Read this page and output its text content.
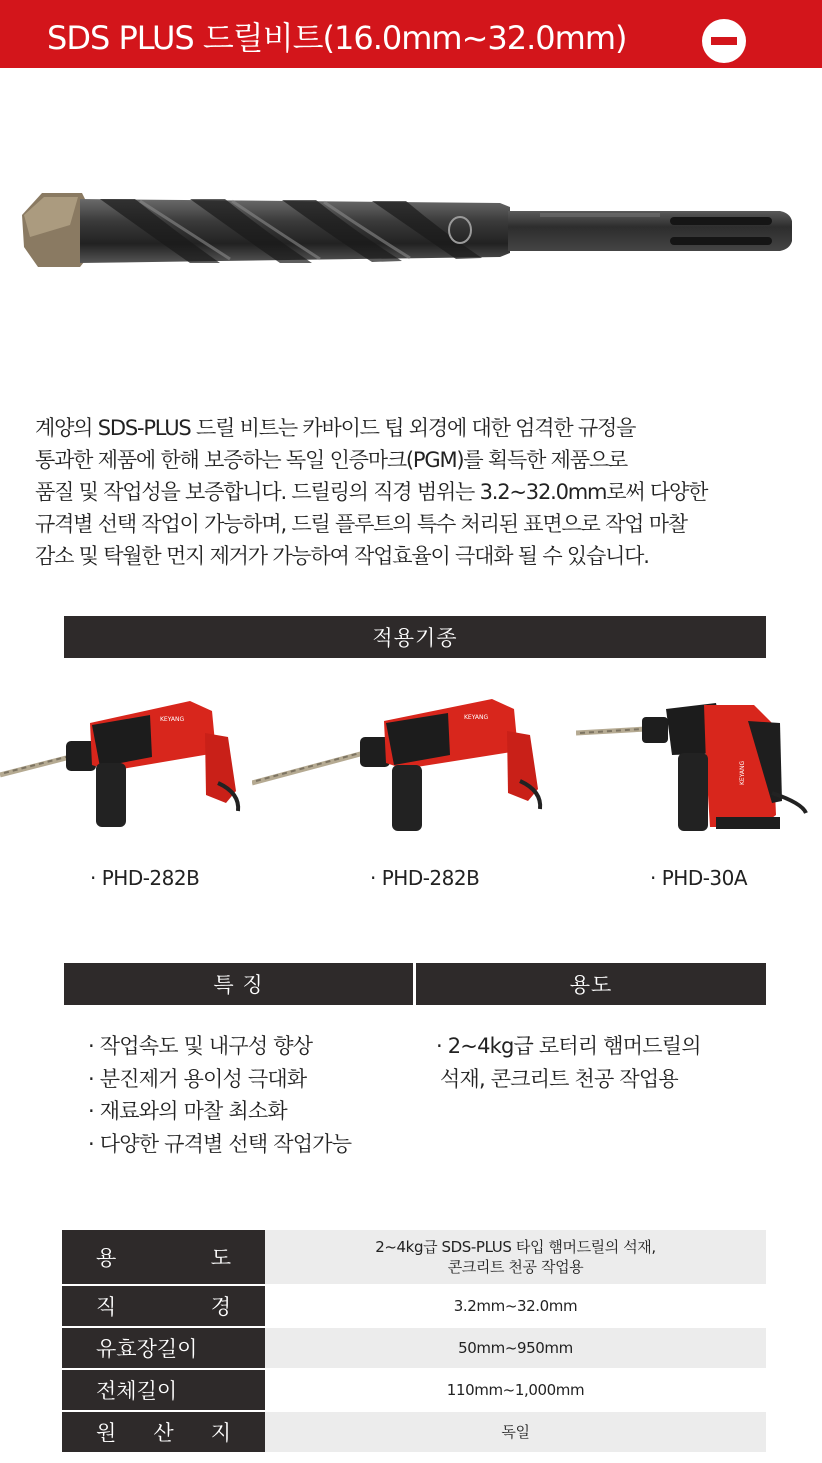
SDS PLUS 드릴비트(16.0mm~32.0mm)
계양의 SDS-PLUS 드릴 비트는 카바이드 팁 외경에 대한 엄격한 규정을
통과한 제품에 한해 보증하는 독일 인증마크(PGM)를 획득한 제품으로
품질 및 작업성을 보증합니다. 드릴링의 직경 범위는 3.2~32.0mm로써 다양한
규격별 선택 작업이 가능하며, 드릴 플루트의 특수 처리된 표면으로 작업 마찰
감소 및 탁월한 먼지 제거가 가능하여 작업효율이 극대화 될 수 있습니다.
적용기종
KEYANG	KEYANG
KEYANG
· PHD-282B	· PHD-282B	· PHD-30A
특 징	용도
· 작업속도 및 내구성 향상
· 분진제거 용이성 극대화
· 재료와의 마찰 최소화
· 다양한 규격별 선택 작업가능
· 2~4kg급 로터리 햄머드릴의
석재, 콘크리트 천공 작업용
용 도	2~4kg급 SDS-PLUS 타입 햄머드릴의 석재,
콘크리트 천공 작업용
직 경	3.2mm~32.0mm
유효장길이	50mm~950mm
전체길이	110mm~1,000mm
원 산 지	독일
